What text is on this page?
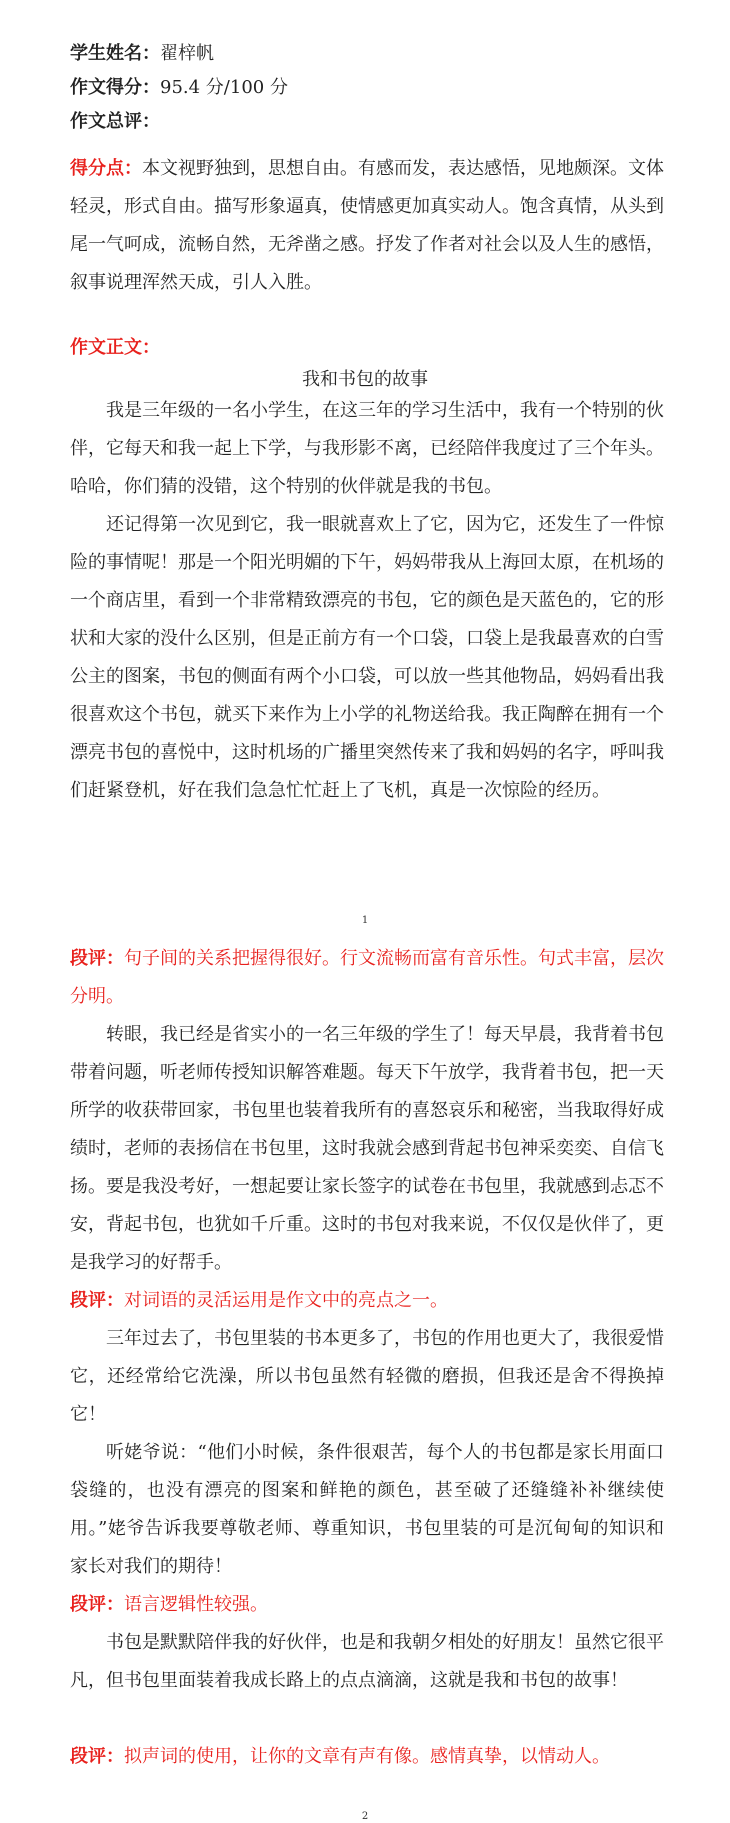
学生姓名：翟梓帆
作文得分：95.4 分/100 分
作文总评：

得分点：本文视野独到，思想自由。有感而发，表达感悟，见地颇深。文体轻灵，形式自由。描写形象逼真，使情感更加真实动人。饱含真情，从头到尾一气呵成，流畅自然，无斧凿之感。抒发了作者对社会以及人生的感悟，叙事说理浑然天成，引人入胜。

作文正文：
我和书包的故事

我是三年级的一名小学生，在这三年的学习生活中，我有一个特别的伙伴，它每天和我一起上下学，与我形影不离，已经陪伴我度过了三个年头。哈哈，你们猜的没错，这个特别的伙伴就是我的书包。

还记得第一次见到它，我一眼就喜欢上了它，因为它，还发生了一件惊险的事情呢！那是一个阳光明媚的下午，妈妈带我从上海回太原，在机场的一个商店里，看到一个非常精致漂亮的书包，它的颜色是天蓝色的，它的形状和大家的没什么区别，但是正前方有一个口袋，口袋上是我最喜欢的白雪公主的图案，书包的侧面有两个小口袋，可以放一些其他物品，妈妈看出我很喜欢这个书包，就买下来作为上小学的礼物送给我。我正陶醉在拥有一个漂亮书包的喜悦中，这时机场的广播里突然传来了我和妈妈的名字，呼叫我们赶紧登机，好在我们急急忙忙赶上了飞机，真是一次惊险的经历。

1

段评：句子间的关系把握得很好。行文流畅而富有音乐性。句式丰富，层次分明。

转眼，我已经是省实小的一名三年级的学生了！每天早晨，我背着书包带着问题，听老师传授知识解答难题。每天下午放学，我背着书包，把一天所学的收获带回家，书包里也装着我所有的喜怒哀乐和秘密，当我取得好成绩时，老师的表扬信在书包里，这时我就会感到背起书包神采奕奕、自信飞扬。要是我没考好，一想起要让家长签字的试卷在书包里，我就感到忐忑不安，背起书包，也犹如千斤重。这时的书包对我来说，不仅仅是伙伴了，更是我学习的好帮手。

段评：对词语的灵活运用是作文中的亮点之一。

三年过去了，书包里装的书本更多了，书包的作用也更大了，我很爱惜它，还经常给它洗澡，所以书包虽然有轻微的磨损，但我还是舍不得换掉它！

听姥爷说：“他们小时候，条件很艰苦，每个人的书包都是家长用面口袋缝的，也没有漂亮的图案和鲜艳的颜色，甚至破了还缝缝补补继续使用。”姥爷告诉我要尊敬老师、尊重知识，书包里装的可是沉甸甸的知识和家长对我们的期待！

段评：语言逻辑性较强。

书包是默默陪伴我的好伙伴，也是和我朝夕相处的好朋友！虽然它很平凡，但书包里面装着我成长路上的点点滴滴，这就是我和书包的故事！

段评：拟声词的使用，让你的文章有声有像。感情真挚，以情动人。

2
